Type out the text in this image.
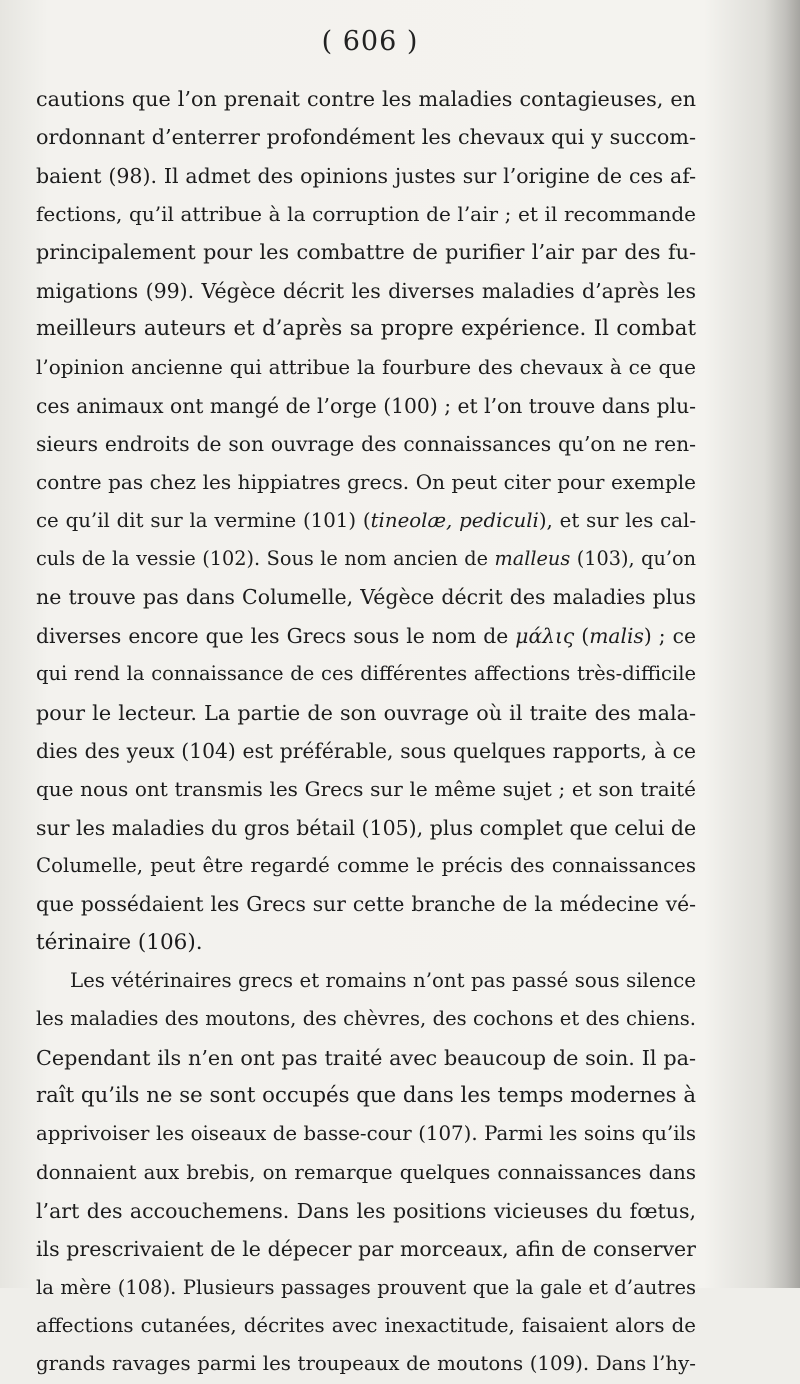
( 606 )
cautions que l’on prenait contre les maladies contagieuses, en
ordonnant d’enterrer profondément les chevaux qui y succom-
baient (98). Il admet des opinions justes sur l’origine de ces af-
fections, qu’il attribue à la corruption de l’air ; et il recommande
principalement pour les combattre de purifier l’air par des fu-
migations (99). Végèce décrit les diverses maladies d’après les
meilleurs auteurs et d’après sa propre expérience. Il combat
l’opinion ancienne qui attribue la fourbure des chevaux à ce que
ces animaux ont mangé de l’orge (100) ; et l’on trouve dans plu-
sieurs endroits de son ouvrage des connaissances qu’on ne ren-
contre pas chez les hippiatres grecs. On peut citer pour exemple
ce qu’il dit sur la vermine (101) (tineolæ, pediculi), et sur les cal-
culs de la vessie (102). Sous le nom ancien de malleus (103), qu’on
ne trouve pas dans Columelle, Végèce décrit des maladies plus
diverses encore que les Grecs sous le nom de μάλις (malis) ; ce
qui rend la connaissance de ces différentes affections très-difficile
pour le lecteur. La partie de son ouvrage où il traite des mala-
dies des yeux (104) est préférable, sous quelques rapports, à ce
que nous ont transmis les Grecs sur le même sujet ; et son traité
sur les maladies du gros bétail (105), plus complet que celui de
Columelle, peut être regardé comme le précis des connaissances
que possédaient les Grecs sur cette branche de la médecine vé-
térinaire (106).
Les vétérinaires grecs et romains n’ont pas passé sous silence
les maladies des moutons, des chèvres, des cochons et des chiens.
Cependant ils n’en ont pas traité avec beaucoup de soin. Il pa-
raît qu’ils ne se sont occupés que dans les temps modernes à
apprivoiser les oiseaux de basse-cour (107). Parmi les soins qu’ils
donnaient aux brebis, on remarque quelques connaissances dans
l’art des accouchemens. Dans les positions vicieuses du fœtus,
ils prescrivaient de le dépecer par morceaux, afin de conserver
la mère (108). Plusieurs passages prouvent que la gale et d’autres
affections cutanées, décrites avec inexactitude, faisaient alors de
grands ravages parmi les troupeaux de moutons (109). Dans l’hy-
